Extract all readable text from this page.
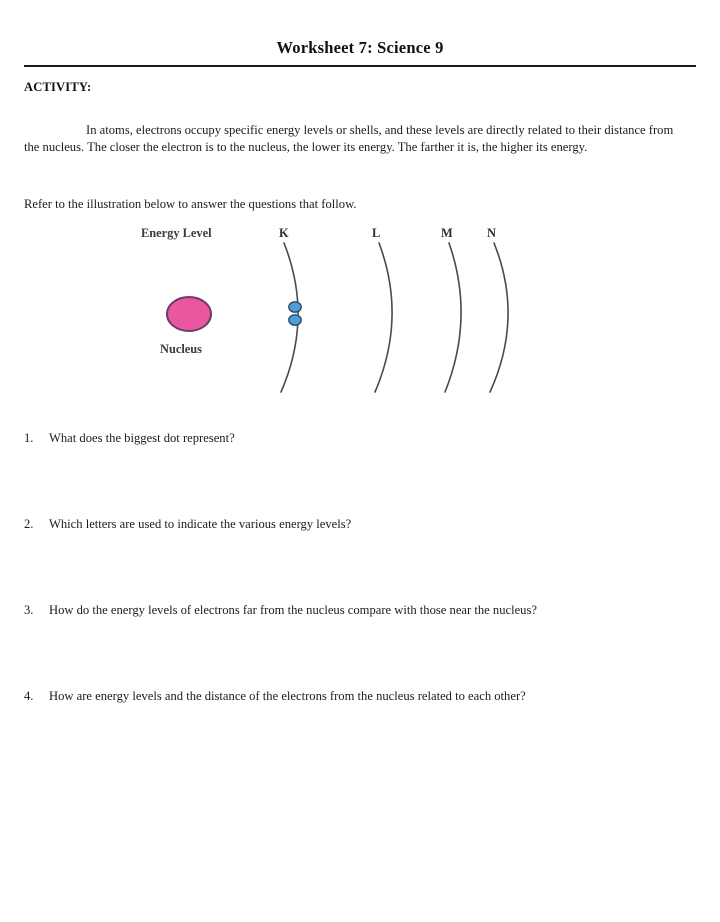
Worksheet 7: Science 9
ACTIVITY:

In atoms, electrons occupy specific energy levels or shells, and these levels are directly related to their distance from the nucleus. The closer the electron is to the nucleus, the lower its energy. The farther it is, the higher its energy.

Refer to the illustration below to answer the questions that follow.

Energy Level
Nucleus
K	L	M	N
1.	What does the biggest dot represent?
2.	Which letters are used to indicate the various energy levels?
3.	How do the energy levels of electrons far from the nucleus compare with those near the nucleus?
4.	How are energy levels and the distance of the electrons from the nucleus related to each other?
